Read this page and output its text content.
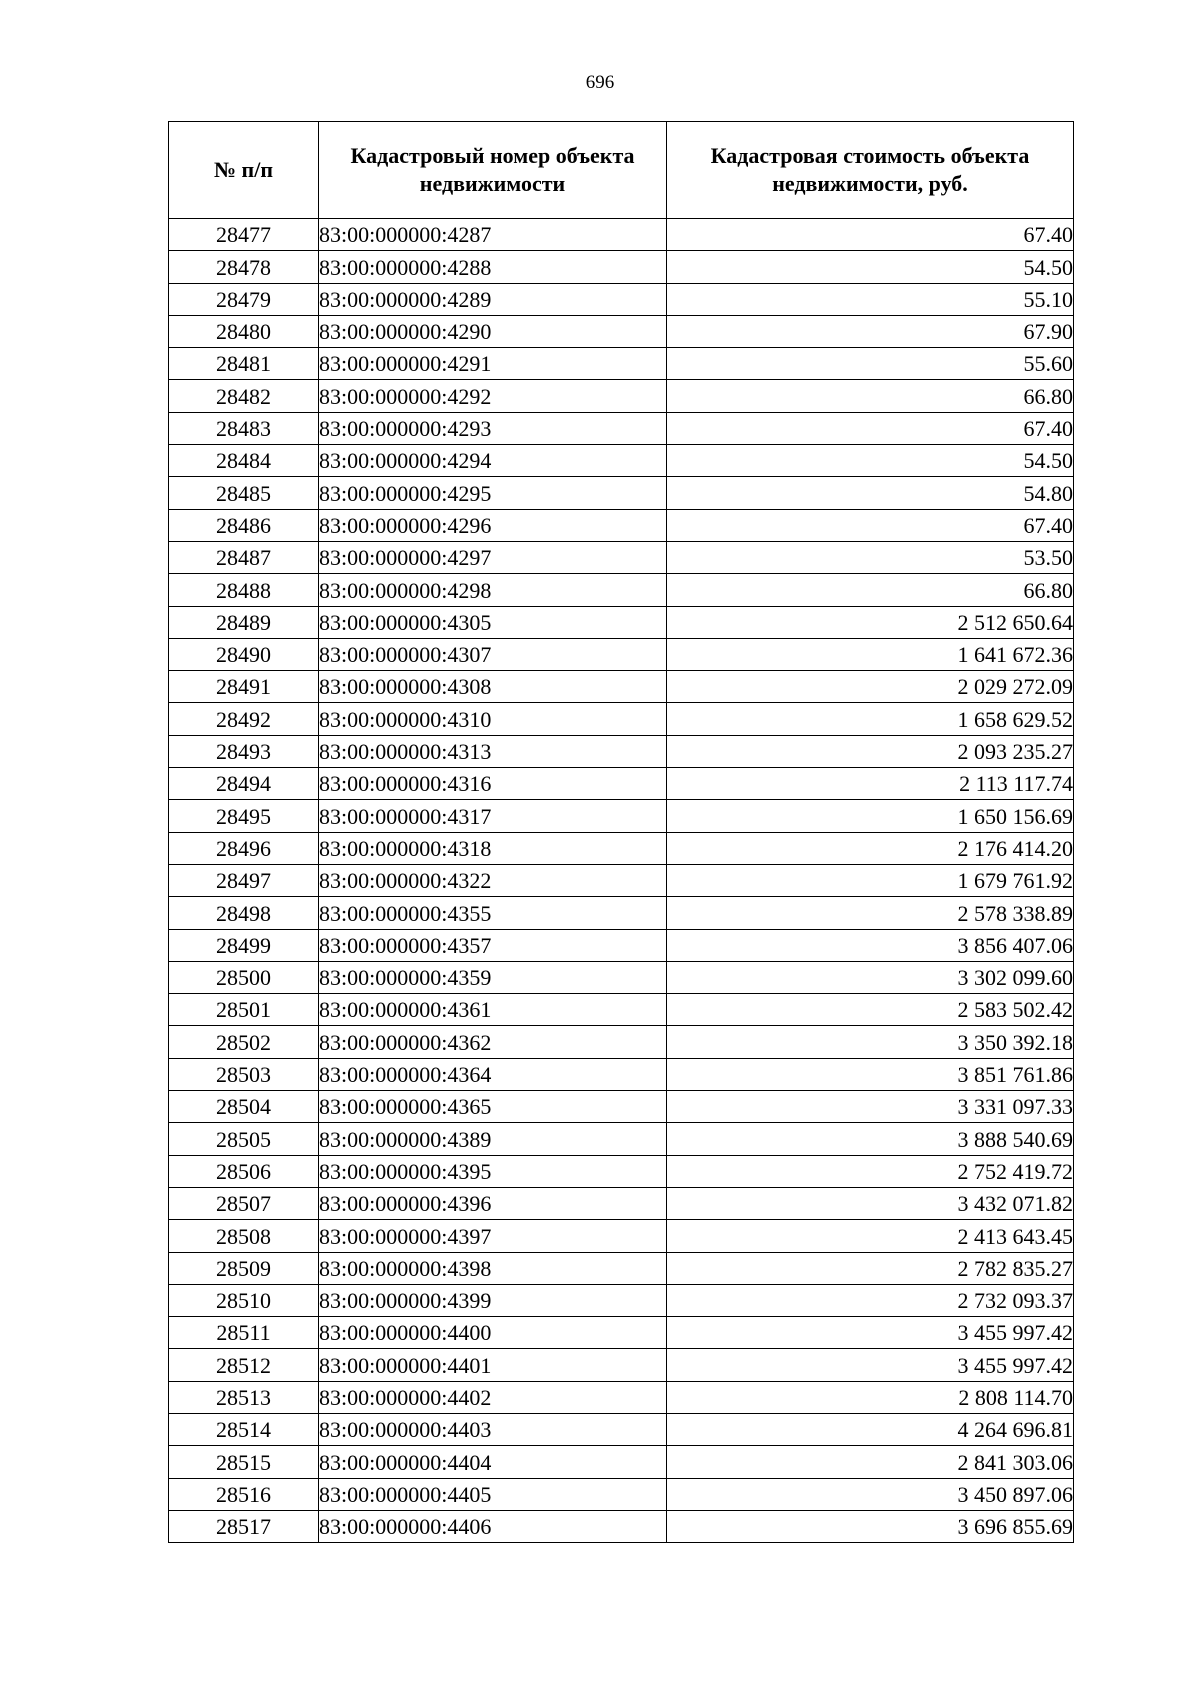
696
№ п/п	Кадастровый номер объекта недвижимости	Кадастровая стоимость объекта недвижимости, руб.
28477	83:00:000000:4287	67.40
28478	83:00:000000:4288	54.50
28479	83:00:000000:4289	55.10
28480	83:00:000000:4290	67.90
28481	83:00:000000:4291	55.60
28482	83:00:000000:4292	66.80
28483	83:00:000000:4293	67.40
28484	83:00:000000:4294	54.50
28485	83:00:000000:4295	54.80
28486	83:00:000000:4296	67.40
28487	83:00:000000:4297	53.50
28488	83:00:000000:4298	66.80
28489	83:00:000000:4305	2 512 650.64
28490	83:00:000000:4307	1 641 672.36
28491	83:00:000000:4308	2 029 272.09
28492	83:00:000000:4310	1 658 629.52
28493	83:00:000000:4313	2 093 235.27
28494	83:00:000000:4316	2 113 117.74
28495	83:00:000000:4317	1 650 156.69
28496	83:00:000000:4318	2 176 414.20
28497	83:00:000000:4322	1 679 761.92
28498	83:00:000000:4355	2 578 338.89
28499	83:00:000000:4357	3 856 407.06
28500	83:00:000000:4359	3 302 099.60
28501	83:00:000000:4361	2 583 502.42
28502	83:00:000000:4362	3 350 392.18
28503	83:00:000000:4364	3 851 761.86
28504	83:00:000000:4365	3 331 097.33
28505	83:00:000000:4389	3 888 540.69
28506	83:00:000000:4395	2 752 419.72
28507	83:00:000000:4396	3 432 071.82
28508	83:00:000000:4397	2 413 643.45
28509	83:00:000000:4398	2 782 835.27
28510	83:00:000000:4399	2 732 093.37
28511	83:00:000000:4400	3 455 997.42
28512	83:00:000000:4401	3 455 997.42
28513	83:00:000000:4402	2 808 114.70
28514	83:00:000000:4403	4 264 696.81
28515	83:00:000000:4404	2 841 303.06
28516	83:00:000000:4405	3 450 897.06
28517	83:00:000000:4406	3 696 855.69
